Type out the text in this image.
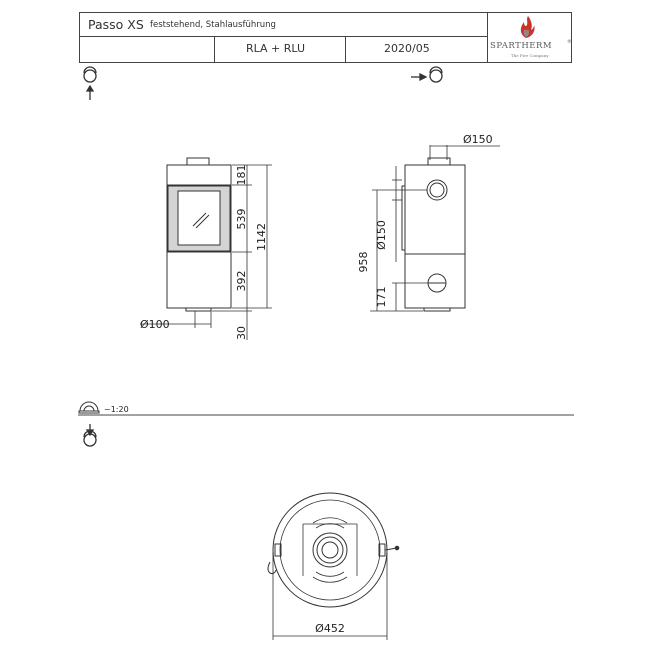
Passo XS feststehend, Stahlausführung
RLA + RLU	2020/05	SPARTHERM	®
The Fire Company
181
539
392
1142
30
Ø100
Ø150
Ø150
958
171
~1:20
Ø452
